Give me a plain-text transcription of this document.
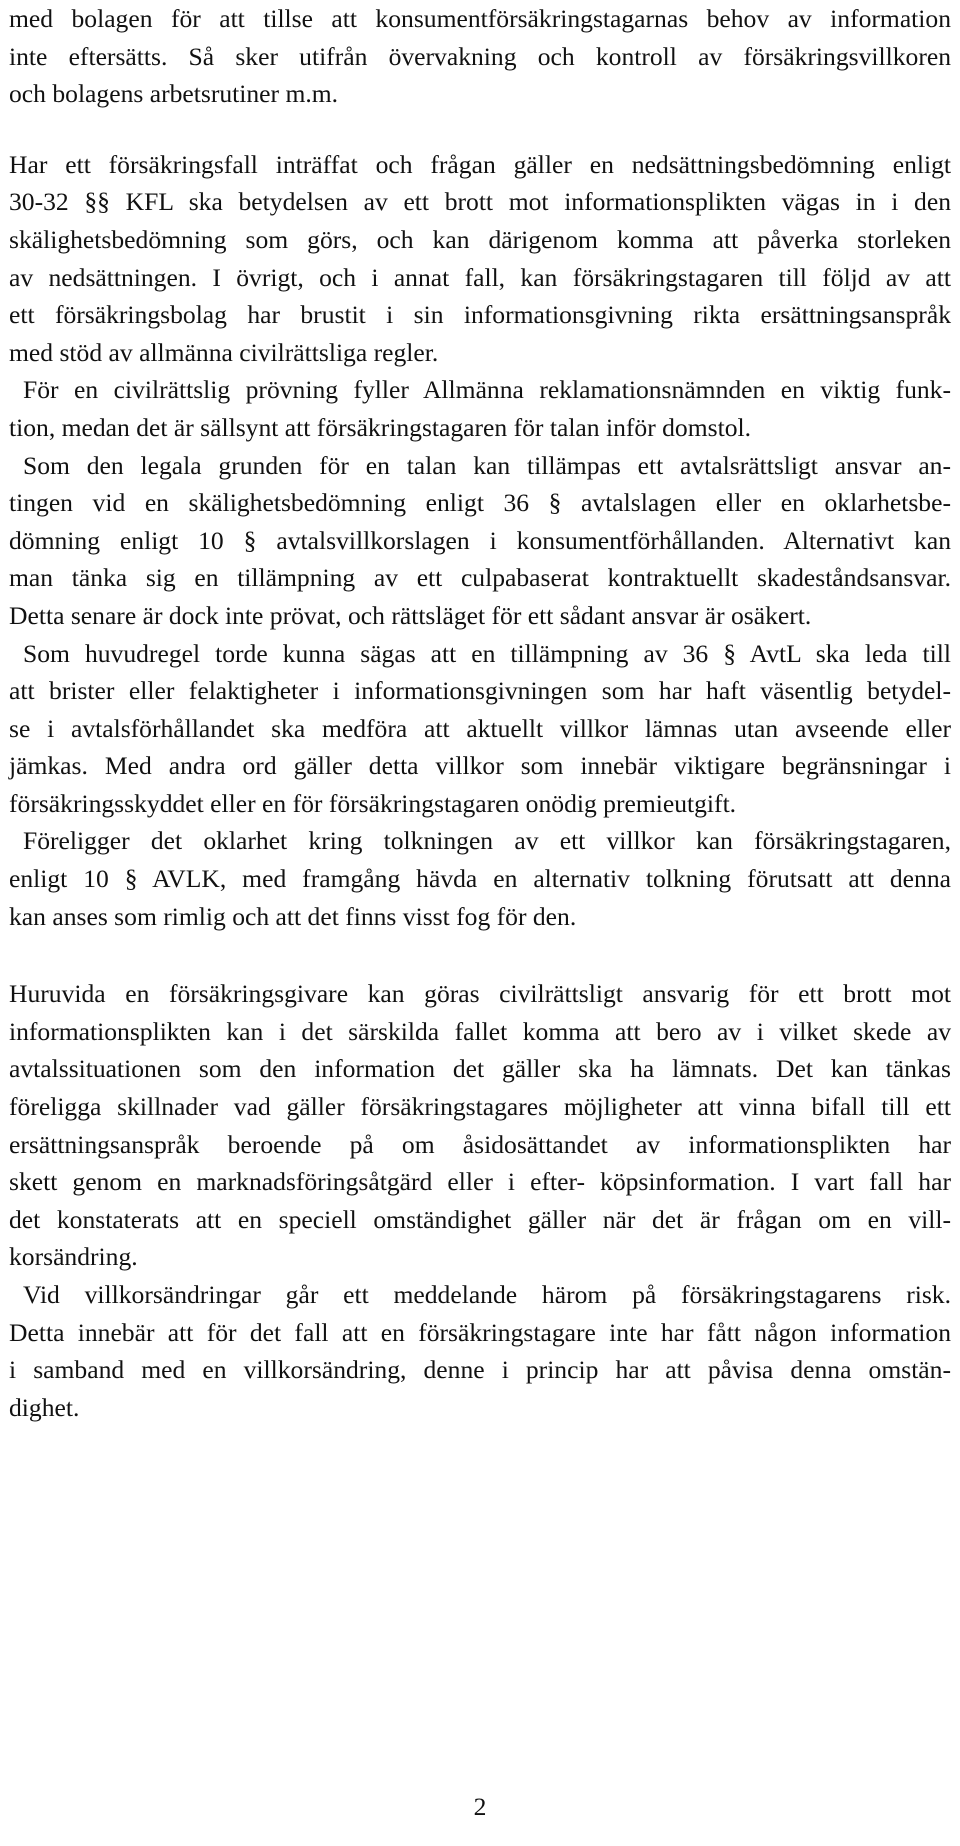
med bolagen för att tillse att konsumentförsäkringstagarnas behov av information
inte eftersätts. Så sker utifrån övervakning och kontroll av försäkringsvillkoren
och bolagens arbetsrutiner m.m.
Har ett försäkringsfall inträffat och frågan gäller en nedsättningsbedömning enligt
30-32 §§ KFL ska betydelsen av ett brott mot informationsplikten vägas in i den
skälighetsbedömning som görs, och kan därigenom komma att påverka storleken
av nedsättningen. I övrigt, och i annat fall, kan försäkringstagaren till följd av att
ett försäkringsbolag har brustit i sin informationsgivning rikta ersättningsanspråk
med stöd av allmänna civilrättsliga regler.
För en civilrättslig prövning fyller Allmänna reklamationsnämnden en viktig funk-
tion, medan det är sällsynt att försäkringstagaren för talan inför domstol.
Som den legala grunden för en talan kan tillämpas ett avtalsrättsligt ansvar an-
tingen vid en skälighetsbedömning enligt 36 § avtalslagen eller en oklarhetsbe-
dömning enligt 10 § avtalsvillkorslagen i konsumentförhållanden. Alternativt kan
man tänka sig en tillämpning av ett culpabaserat kontraktuellt skadeståndsansvar.
Detta senare är dock inte prövat, och rättsläget för ett sådant ansvar är osäkert.
Som huvudregel torde kunna sägas att en tillämpning av 36 § AvtL ska leda till
att brister eller felaktigheter i informationsgivningen som har haft väsentlig betydel-
se i avtalsförhållandet ska medföra att aktuellt villkor lämnas utan avseende eller
jämkas. Med andra ord gäller detta villkor som innebär viktigare begränsningar i
försäkringsskyddet eller en för försäkringstagaren onödig premieutgift.
Föreligger det oklarhet kring tolkningen av ett villkor kan försäkringstagaren,
enligt 10 § AVLK, med framgång hävda en alternativ tolkning förutsatt att denna
kan anses som rimlig och att det finns visst fog för den.
Huruvida en försäkringsgivare kan göras civilrättsligt ansvarig för ett brott mot
informationsplikten kan i det särskilda fallet komma att bero av i vilket skede av
avtalssituationen som den information det gäller ska ha lämnats. Det kan tänkas
föreligga skillnader vad gäller försäkringstagares möjligheter att vinna bifall till ett
ersättningsanspråk beroende på om åsidosättandet av informationsplikten har
skett genom en marknadsföringsåtgärd eller i efter- köpsinformation. I vart fall har
det konstaterats att en speciell omständighet gäller när det är frågan om en vill-
korsändring.
Vid villkorsändringar går ett meddelande härom på försäkringstagarens risk.
Detta innebär att för det fall att en försäkringstagare inte har fått någon information
i samband med en villkorsändring, denne i princip har att påvisa denna omstän-
dighet.
2
